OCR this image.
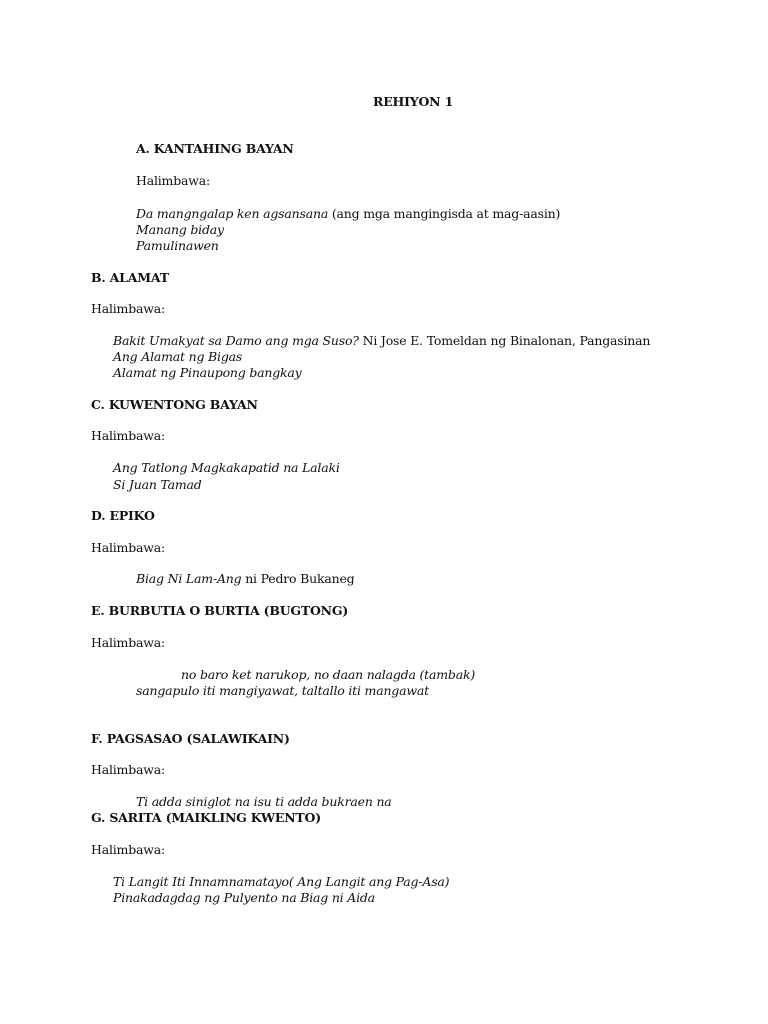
REHIYON 1
A. KANTAHING BAYAN
Halimbawa:
Da mangngalap ken agsansana (ang mga mangingisda at mag-aasin)
Manang biday
Pamulinawen
B. ALAMAT
Halimbawa:
Bakit Umakyat sa Damo ang mga Suso? Ni Jose E. Tomeldan ng Binalonan, Pangasinan
Ang Alamat ng Bigas
Alamat ng Pinaupong bangkay
C. KUWENTONG BAYAN
Halimbawa:
Ang Tatlong Magkakapatid na Lalaki
Si Juan Tamad
D. EPIKO
Halimbawa:
Biag Ni Lam-Ang ni Pedro Bukaneg
E. BURBUTIA O BURTIA (BUGTONG)
Halimbawa:
no baro ket narukop, no daan nalagda (tambak)
sangapulo iti mangiyawat, taltallo iti mangawat
F. PAGSASAO (SALAWIKAIN)
Halimbawa:
Ti adda siniglot na isu ti adda bukraen na
G. SARITA (MAIKLING KWENTO)
Halimbawa:
Ti Langit Iti Innamnamatayo( Ang Langit ang Pag-Asa)
Pinakadagdag ng Pulyento na Biag ni Aida
